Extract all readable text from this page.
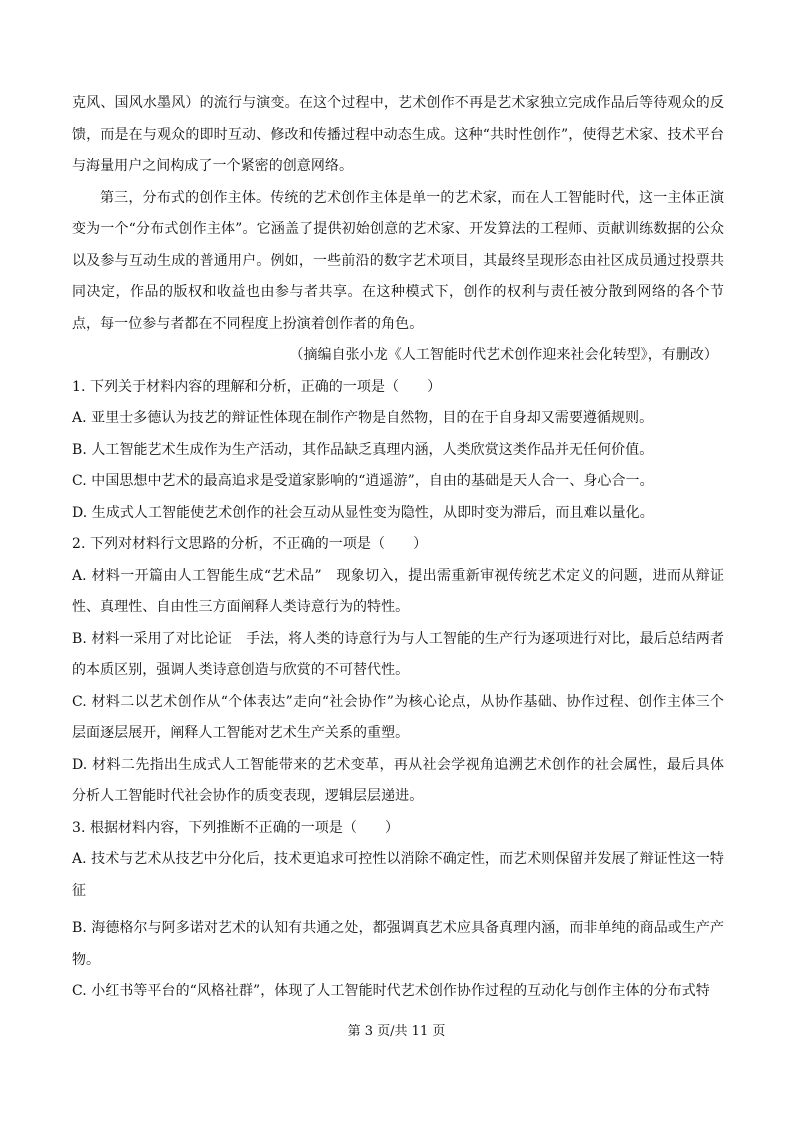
克风、国风水墨风）的流行与演变。在这个过程中，艺术创作不再是艺术家独立完成作品后等待观众的反馈，而是在与观众的即时互动、修改和传播过程中动态生成。这种“共时性创作”，使得艺术家、技术平台与海量用户之间构成了一个紧密的创意网络。

第三，分布式的创作主体。传统的艺术创作主体是单一的艺术家，而在人工智能时代，这一主体正演变为一个“分布式创作主体”。它涵盖了提供初始创意的艺术家、开发算法的工程师、贡献训练数据的公众以及参与互动生成的普通用户。例如，一些前沿的数字艺术项目，其最终呈现形态由社区成员通过投票共同决定，作品的版权和收益也由参与者共享。在这种模式下，创作的权利与责任被分散到网络的各个节点，每一位参与者都在不同程度上扮演着创作者的角色。

（摘编自张小龙《人工智能时代艺术创作迎来社会化转型》，有删改）

1. 下列关于材料内容的理解和分析，正确的一项是（　　）

A. 亚里士多德认为技艺的辩证性体现在制作产物是自然物，目的在于自身却又需要遵循规则。

B. 人工智能艺术生成作为生产活动，其作品缺乏真理内涵，人类欣赏这类作品并无任何价值。

C. 中国思想中艺术的最高追求是受道家影响的“逍遥游”，自由的基础是天人合一、身心合一。

D. 生成式人工智能使艺术创作的社会互动从显性变为隐性，从即时变为滞后，而且难以量化。

2. 下列对材料行文思路的分析，不正确的一项是（　　）

A. 材料一开篇由人工智能生成“艺术品”　现象切入，提出需重新审视传统艺术定义的问题，进而从辩证性、真理性、自由性三方面阐释人类诗意行为的特性。

B. 材料一采用了对比论证　手法，将人类的诗意行为与人工智能的生产行为逐项进行对比，最后总结两者的本质区别，强调人类诗意创造与欣赏的不可替代性。

C. 材料二以艺术创作从“个体表达”走向“社会协作”为核心论点，从协作基础、协作过程、创作主体三个层面逐层展开，阐释人工智能对艺术生产关系的重塑。

D. 材料二先指出生成式人工智能带来的艺术变革，再从社会学视角追溯艺术创作的社会属性，最后具体分析人工智能时代社会协作的质变表现，逻辑层层递进。

3. 根据材料内容，下列推断不正确的一项是（　　）

A. 技术与艺术从技艺中分化后，技术更追求可控性以消除不确定性，而艺术则保留并发展了辩证性这一特征

B. 海德格尔与阿多诺对艺术的认知有共通之处，都强调真艺术应具备真理内涵，而非单纯的商品或生产产物。

C. 小红书等平台的“风格社群”，体现了人工智能时代艺术创作协作过程的互动化与创作主体的分布式特

第 3 页/共 11 页
